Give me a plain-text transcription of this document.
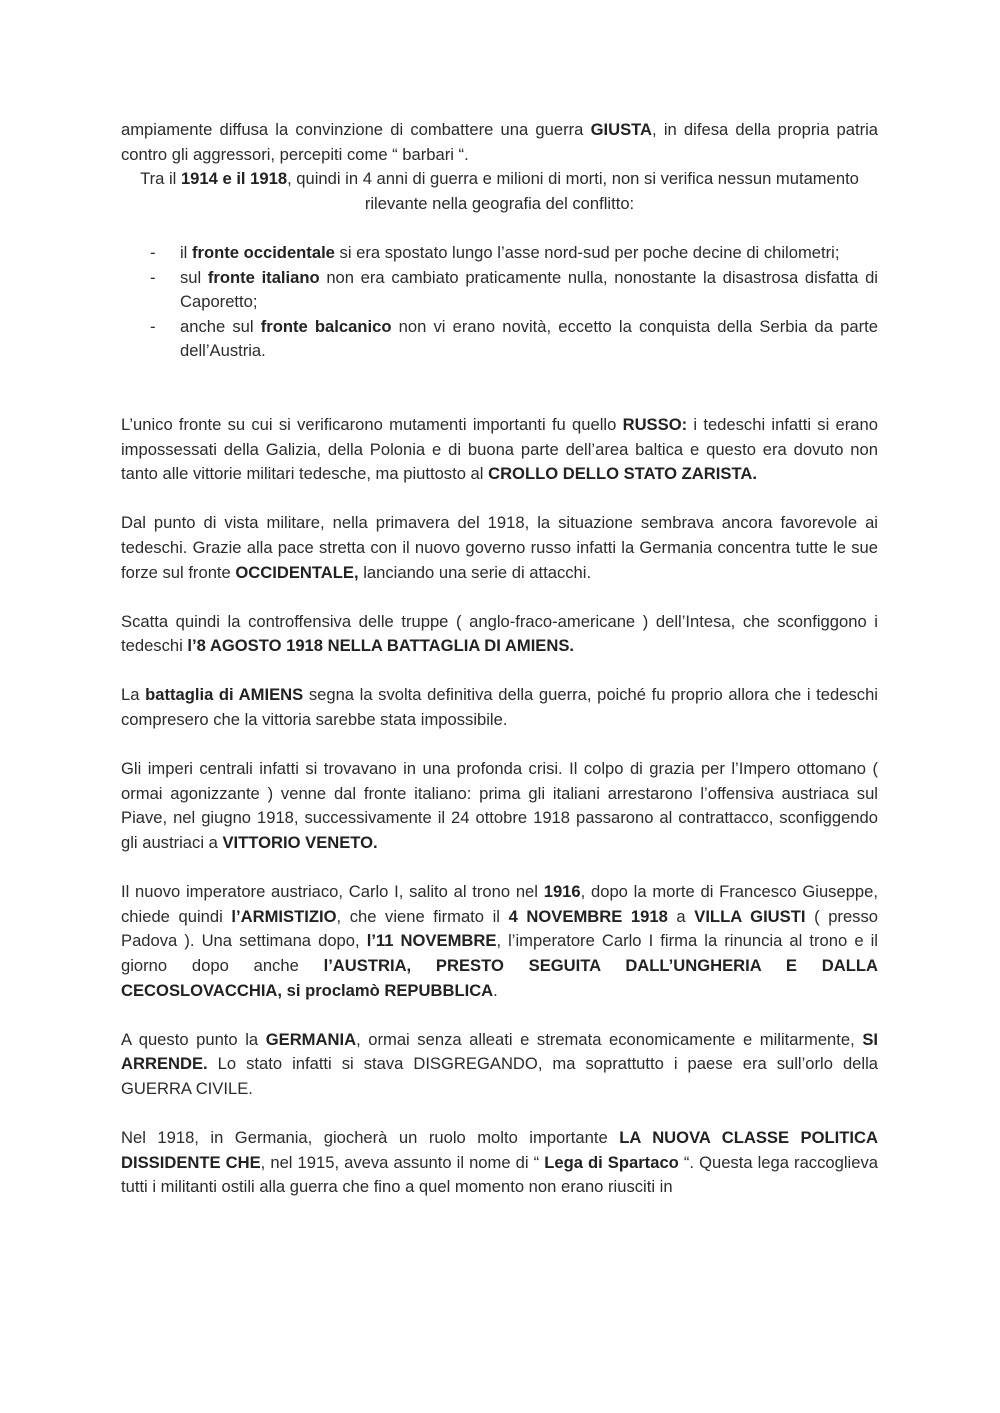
ampiamente diffusa la convinzione di combattere una guerra GIUSTA, in difesa della propria patria contro gli aggressori, percepiti come “ barbari “.

Tra il 1914 e il 1918, quindi in 4 anni di guerra e milioni di morti, non si verifica nessun mutamento rilevante nella geografia del conflitto:

- il fronte occidentale si era spostato lungo l’asse nord-sud per poche decine di chilometri;
- sul fronte italiano non era cambiato praticamente nulla, nonostante la disastrosa disfatta di Caporetto;
- anche sul fronte balcanico non vi erano novità, eccetto la conquista della Serbia da parte dell’Austria.

L’unico fronte su cui si verificarono mutamenti importanti fu quello RUSSO: i tedeschi infatti si erano impossessati della Galizia, della Polonia e di buona parte dell’area baltica e questo era dovuto non tanto alle vittorie militari tedesche, ma piuttosto al CROLLO DELLO STATO ZARISTA.

Dal punto di vista militare, nella primavera del 1918, la situazione sembrava ancora favorevole ai tedeschi. Grazie alla pace stretta con il nuovo governo russo infatti la Germania concentra tutte le sue forze sul fronte OCCIDENTALE, lanciando una serie di attacchi.

Scatta quindi la controffensiva delle truppe ( anglo-fraco-americane ) dell’Intesa, che sconfiggono i tedeschi l’8 AGOSTO 1918 NELLA BATTAGLIA DI AMIENS.

La battaglia di AMIENS segna la svolta definitiva della guerra, poiché fu proprio allora che i tedeschi compresero che la vittoria sarebbe stata impossibile.

Gli imperi centrali infatti si trovavano in una profonda crisi. Il colpo di grazia per l’Impero ottomano ( ormai agonizzante ) venne dal fronte italiano: prima gli italiani arrestarono l’offensiva austriaca sul Piave, nel giugno 1918, successivamente il 24 ottobre 1918 passarono al contrattacco, sconfiggendo gli austriaci a VITTORIO VENETO.

Il nuovo imperatore austriaco, Carlo I, salito al trono nel 1916, dopo la morte di Francesco Giuseppe, chiede quindi l’ARMISTIZIO, che viene firmato il 4 NOVEMBRE 1918 a VILLA GIUSTI ( presso Padova ). Una settimana dopo, l’11 NOVEMBRE, l’imperatore Carlo I firma la rinuncia al trono e il giorno dopo anche l’AUSTRIA, PRESTO SEGUITA DALL’UNGHERIA E DALLA CECOSLOVACCHIA, si proclamò REPUBBLICA.

A questo punto la GERMANIA, ormai senza alleati e stremata economicamente e militarmente, SI ARRENDE. Lo stato infatti si stava DISGREGANDO, ma soprattutto i paese era sull’orlo della GUERRA CIVILE.

Nel 1918, in Germania, giocherà un ruolo molto importante LA NUOVA CLASSE POLITICA DISSIDENTE CHE, nel 1915, aveva assunto il nome di “ Lega di Spartaco “. Questa lega raccoglieva tutti i militanti ostili alla guerra che fino a quel momento non erano riusciti in
